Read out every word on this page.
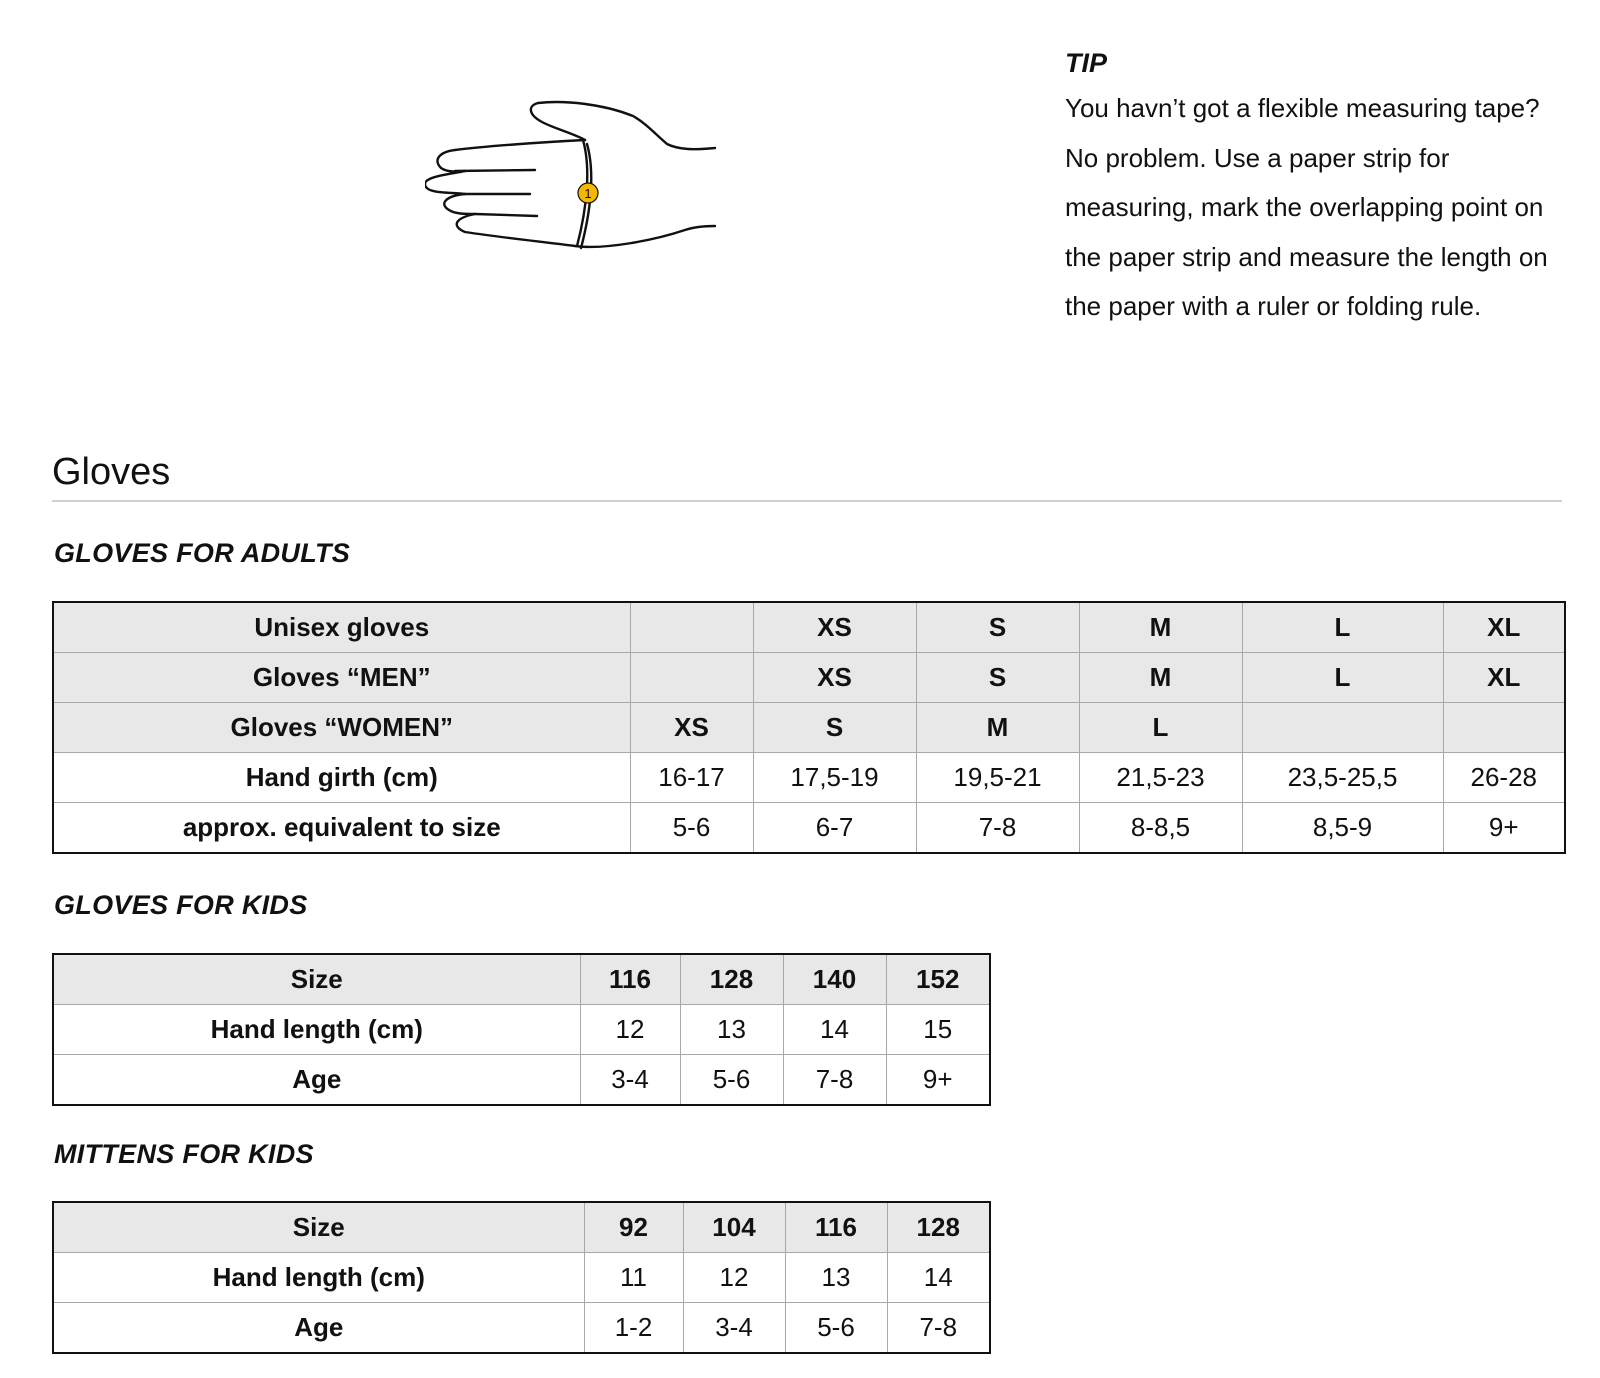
1

TIP

You havn’t got a flexible measuring tape? No problem. Use a paper strip for measuring, mark the overlapping point on the paper strip and measure the length on the paper with a ruler or folding rule.

Gloves
GLOVES FOR ADULTS
Unisex gloves		XS	S	M	L	XL
Gloves “MEN”		XS	S	M	L	XL
Gloves “WOMEN”	XS	S	M	L		
Hand girth (cm)	16-17	17,5-19	19,5-21	21,5-23	23,5-25,5	26-28
approx. equivalent to size	5-6	6-7	7-8	8-8,5	8,5-9	9+
GLOVES FOR KIDS
Size	116	128	140	152
Hand length (cm)	12	13	14	15
Age	3-4	5-6	7-8	9+
MITTENS FOR KIDS
Size	92	104	116	128
Hand length (cm)	11	12	13	14
Age	1-2	3-4	5-6	7-8
